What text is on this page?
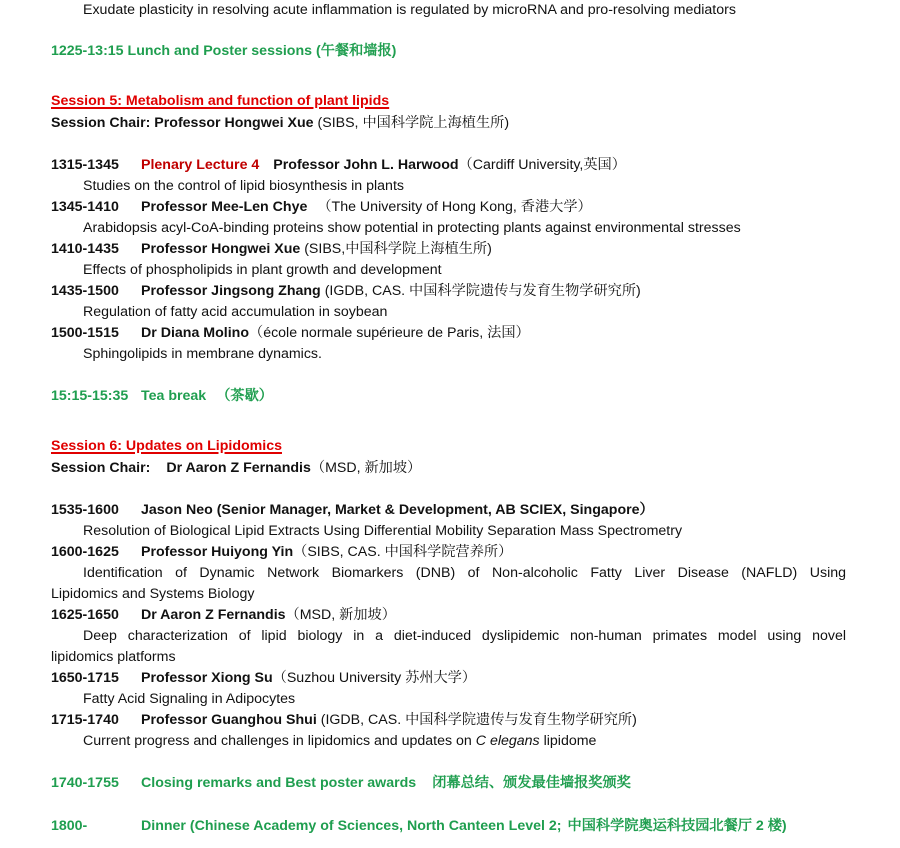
Exudate plasticity in resolving acute inflammation is regulated by microRNA and pro-resolving mediators
1225-13:15 Lunch and Poster sessions (午餐和墙报)
Session 5: Metabolism and function of plant lipids
Session Chair: Professor Hongwei Xue (SIBS, 中国科学院上海植生所)
1315-1345 Plenary Lecture 4 Professor John L. Harwood（Cardiff University,英国）
Studies on the control of lipid biosynthesis in plants
1345-1410 Professor Mee-Len Chye （The University of Hong Kong, 香港大学）
Arabidopsis acyl-CoA-binding proteins show potential in protecting plants against environmental stresses
1410-1435 Professor Hongwei Xue (SIBS,中国科学院上海植生所)
Effects of phospholipids in plant growth and development
1435-1500 Professor Jingsong Zhang (IGDB, CAS. 中国科学院遗传与发育生物学研究所)
Regulation of fatty acid accumulation in soybean
1500-1515 Dr Diana Molino（école normale supérieure de Paris, 法国）
Sphingolipids in membrane dynamics.
15:15-15:35 Tea break （茶歇）
Session 6: Updates on Lipidomics
Session Chair: Dr Aaron Z Fernandis（MSD, 新加坡）
1535-1600 Jason Neo (Senior Manager, Market & Development, AB SCIEX, Singapore）
Resolution of Biological Lipid Extracts Using Differential Mobility Separation Mass Spectrometry
1600-1625 Professor Huiyong Yin（SIBS, CAS. 中国科学院营养所）
Identification of Dynamic Network Biomarkers (DNB) of Non-alcoholic Fatty Liver Disease (NAFLD) Using
Lipidomics and Systems Biology
1625-1650 Dr Aaron Z Fernandis（MSD, 新加坡）
Deep characterization of lipid biology in a diet-induced dyslipidemic non-human primates model using novel
lipidomics platforms
1650-1715 Professor Xiong Su（Suzhou University 苏州大学）
Fatty Acid Signaling in Adipocytes
1715-1740 Professor Guanghou Shui (IGDB, CAS. 中国科学院遗传与发育生物学研究所)
Current progress and challenges in lipidomics and updates on C elegans lipidome
1740-1755 Closing remarks and Best poster awards 闭幕总结、颁发最佳墙报奖颁奖
1800-	Dinner (Chinese Academy of Sciences, North Canteen Level 2; 中国科学院奥运科技园北餐厅 2 楼)
